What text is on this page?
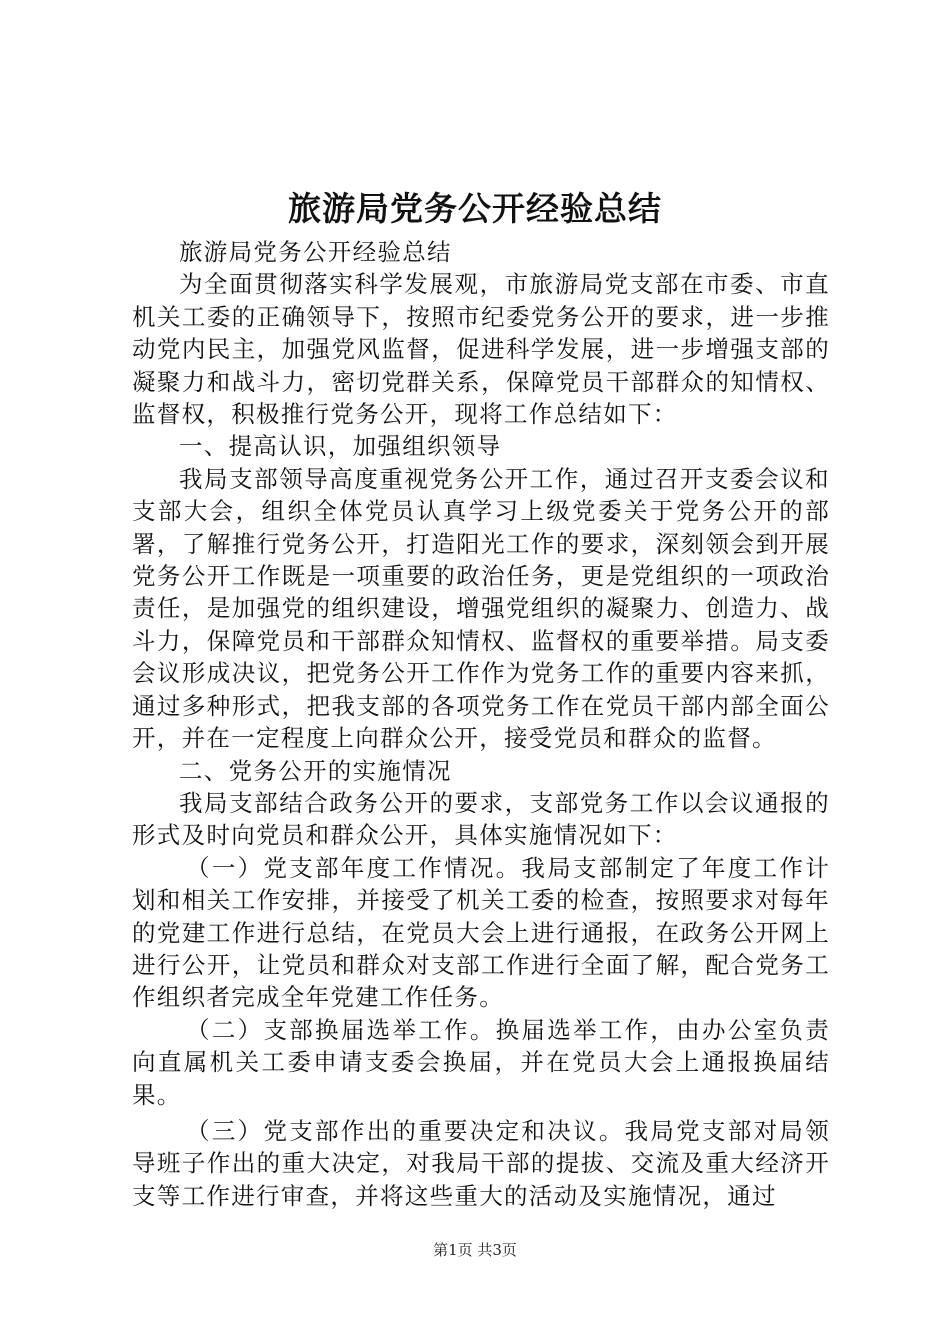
旅游局党务公开经验总结

旅游局党务公开经验总结

为全面贯彻落实科学发展观，市旅游局党支部在市委、市直机关工委的正确领导下，按照市纪委党务公开的要求，进一步推动党内民主，加强党风监督，促进科学发展，进一步增强支部的凝聚力和战斗力，密切党群关系，保障党员干部群众的知情权、监督权，积极推行党务公开，现将工作总结如下：

一、提高认识，加强组织领导

我局支部领导高度重视党务公开工作，通过召开支委会议和支部大会，组织全体党员认真学习上级党委关于党务公开的部署，了解推行党务公开，打造阳光工作的要求，深刻领会到开展党务公开工作既是一项重要的政治任务，更是党组织的一项政治责任，是加强党的组织建设，增强党组织的凝聚力、创造力、战斗力，保障党员和干部群众知情权、监督权的重要举措。局支委会议形成决议，把党务公开工作作为党务工作的重要内容来抓，通过多种形式，把我支部的各项党务工作在党员干部内部全面公开，并在一定程度上向群众公开，接受党员和群众的监督。

二、党务公开的实施情况

我局支部结合政务公开的要求，支部党务工作以会议通报的形式及时向党员和群众公开，具体实施情况如下：

（一）党支部年度工作情况。我局支部制定了年度工作计划和相关工作安排，并接受了机关工委的检查，按照要求对每年的党建工作进行总结，在党员大会上进行通报，在政务公开网上进行公开，让党员和群众对支部工作进行全面了解，配合党务工作组织者完成全年党建工作任务。

（二）支部换届选举工作。换届选举工作，由办公室负责向直属机关工委申请支委会换届，并在党员大会上通报换届结果。

（三）党支部作出的重要决定和决议。我局党支部对局领导班子作出的重大决定，对我局干部的提拔、交流及重大经济开支等工作进行审查，并将这些重大的活动及实施情况，通过

第1页 共3页
